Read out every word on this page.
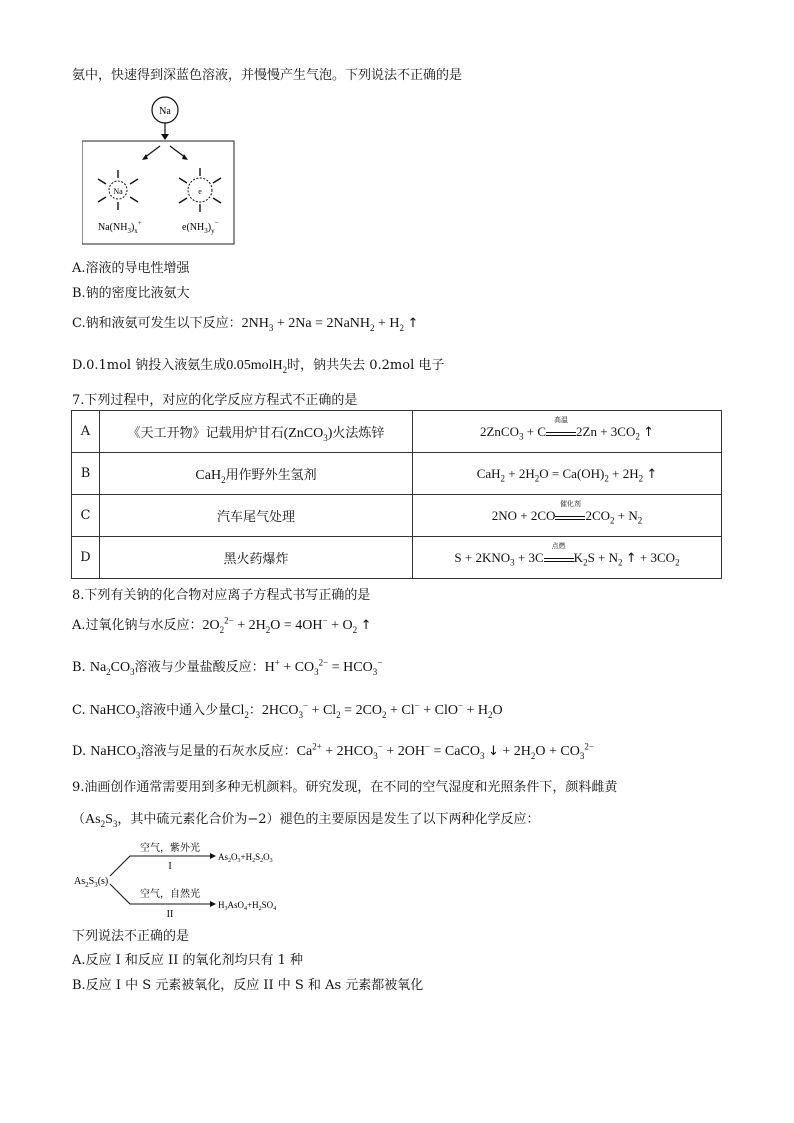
氨中，快速得到深蓝色溶液，并慢慢产生气泡。下列说法不正确的是
Na
Na	e
$Na(NH_3)_x^+$	$e(NH_3)_y^-$
A.溶液的导电性增强
B.钠的密度比液氨大
C.钠和液氨可发生以下反应：$2NH_3 + 2Na$ = 2NaNH$_2$ + $H_2$ ↑
D.0.1mol 钠投入液氨生成0.05molH$_2$时，钠共失去 0.2mol 电子
7.下列过程中，对应的化学反应方程式不正确的是
A	《天工开物》记载用炉甘石(ZnCO$_3$)火法炼锌	2ZnCO$_3$ + C
高温
$2Zn + 3CO_2$ ↑
B	CaH$_2$用作野外生氢剂	$CaH_2 + 2H_2O = Ca(OH)_2 + 2H_2$ ↑
C	汽车尾气处理	2NO + 2CO
催化剂
$2CO_2 + N_2$
D	黑火药爆炸	$S + 2KNO_3 + 3C$
点燃
$K_2S + N_2$ ↑ + $3CO_2$
8.下列有关钠的化合物对应离子方程式书写正确的是
A.过氧化钠与水反应：$2O_2^{2-} + 2H_2O = 4OH^- + O_2$ ↑
B. $Na_2CO_3$溶液与少量盐酸反应：$H^+ + CO_3^{2-} = HCO_3^-$
C. NaHCO$_3$溶液中通入少量$Cl_2$：$2HCO_3^- + Cl_2 = 2CO_2 + Cl^- + ClO^- + H_2O$
D. NaHCO$_3$溶液与足量的石灰水反应：$Ca^{2+} + 2HCO_3^- + 2OH^-$ = CaCO$_3$ ↓ + $2H_2O + CO_3^{2-}$
9.油画创作通常需要用到多种无机颜料。研究发现，在不同的空气湿度和光照条件下，颜料雌黄
（$As_2S_3$，其中硫元素化合价为−2）褪色的主要原因是发生了以下两种化学反应：
$As_2S_3(s)$
空气，紫外光
I
空气，自然光
II
$As_2O_3+H_2S_2O_3$
$H_3AsO_4+H_2SO_4$
下列说法不正确的是
A.反应 I 和反应 II 的氧化剂均只有 1 种
B.反应 I 中 S 元素被氧化，反应 II 中 S 和 As 元素都被氧化
